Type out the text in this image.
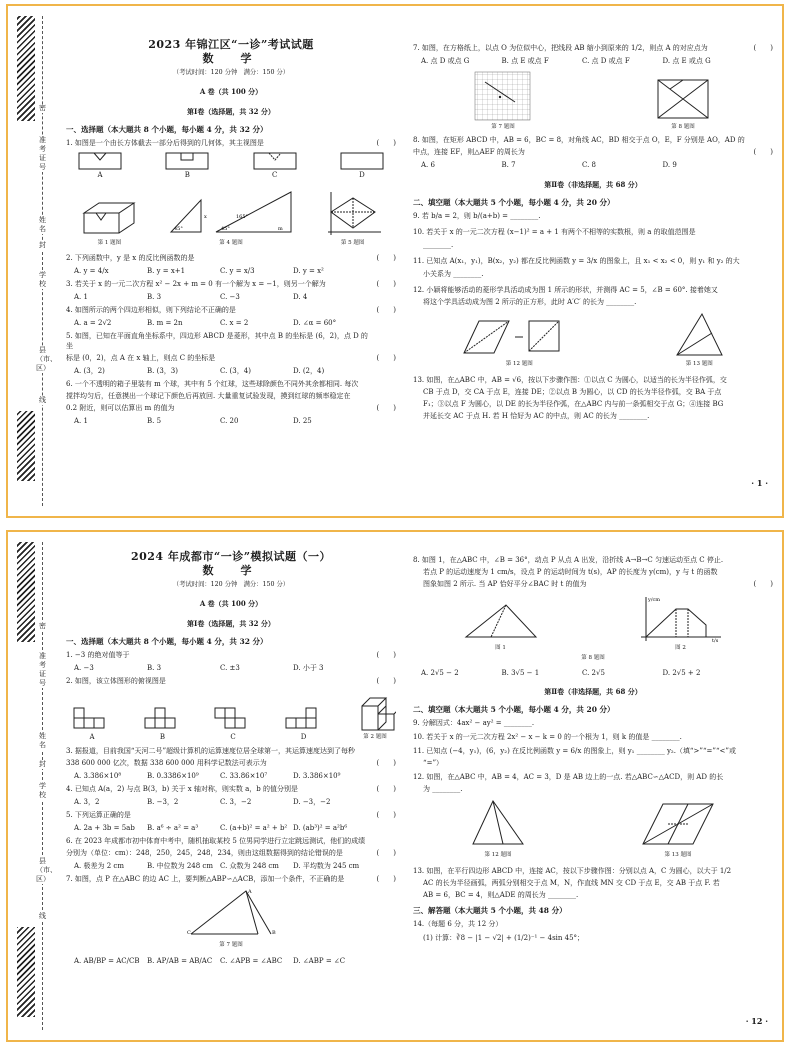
密
准考证号
姓名
封
学校
县（市、区）
线
2023 年锦江区“一诊”考试试题
数　学
（考试时间：120 分钟　满分：150 分）
A 卷（共 100 分）
第Ⅰ卷（选择题，共 32 分）
一、选择题（本大题共 8 个小题，每小题 4 分，共 32 分）
1. 如图是一个由长方体截去一部分后得到的几何体，其主视图是	(　　)
A	B	C	D
第 1 题图
45°
165°
45°
x
m
第 4 题图	第 5 题图
2. 下列函数中，y 是 x 的反比例函数的是	(　　)
A. y = 4/x	B. y = x+1	C. y = x/3	D. y = x²
3. 若关于 x 的一元二次方程 x² − 2x + m = 0 有一个解为 x = −1，则另一个解为	(　　)
A. 1	B. 3	C. −3	D. 4
4. 如图所示的两个四边形相似，则下列结论不正确的是	(　　)
A. a = 2√2	B. m = 2n	C. x = 2	D. ∠α = 60°
5. 如图，已知在平面直角坐标系中，四边形 ABCD 是菱形，其中点 B 的坐标是 (6，2)，点 D 的坐
标是 (0，2)，点 A 在 x 轴上，则点 C 的坐标是	(　　)
A. (3，2)	B. (3，3)	C. (3，4)	D. (2，4)
6. 一个不透明的箱子里装有 m 个球，其中有 5 个红球，这些球除颜色不同外其余都相同. 每次
搅拌均匀后，任意摸出一个球记下颜色后再放回. 大量重复试验发现，摸到红球的频率稳定在
0.2 附近，则可以估算出 m 的值为	(　　)
A. 1	B. 5	C. 20	D. 25
7. 如图，在方格纸上，以点 O 为位似中心，把线段 AB 缩小到原来的 1/2，则点 A 的对应点为	(　　)
A. 点 D 或点 G	B. 点 E 或点 F	C. 点 D 或点 F	D. 点 E 或点 G
第 7 题图	第 8 题图
8. 如图，在矩形 ABCD 中，AB = 6，BC = 8，对角线 AC，BD 相交于点 O，E，F 分别是 AO，AD 的
中点，连接 EF，则△AEF 的周长为	(　　)
A. 6	B. 7	C. 8	D. 9
第Ⅱ卷（非选择题，共 68 分）
二、填空题（本大题共 5 个小题，每小题 4 分，共 20 分）
9. 若 b/a = 2，则 b/(a+b) = ________.
10. 若关于 x 的一元二次方程 (x−1)² = a + 1 有两个不相等的实数根，则 a 的取值范围是
________.
11. 已知点 A(x₁，y₁)，B(x₂，y₂) 都在反比例函数 y = 3/x 的图象上，且 x₁ < x₂ < 0，则 y₁ 和 y₂ 的大
小关系为 ________.
12. 小颖将能够活动的菱形学具活动成为图 1 所示的形状，并测得 AC = 5，∠B = 60°. 接着她又
将这个学具活动成为图 2 所示的正方形，此时 A′C′ 的长为 ________.
第 12 题图	第 13 题图
13. 如图，在△ABC 中，AB = √6，按以下步骤作图：①以点 C 为圆心，以适当的长为半径作弧，交
CB 于点 D，交 CA 于点 E，连接 DE；②以点 B 为圆心，以 CD 的长为半径作弧，交 BA 于点
F₁；③以点 F 为圆心，以 DE 的长为半径作弧，在△ABC 内与前一条弧相交于点 G；④连接 BG
并延长交 AC 于点 H. 若 H 恰好为 AC 的中点，则 AC 的长为 ________.
· 1 ·
密
准考证号
姓名
封
学校
县（市、区）
线
2024 年成都市“一诊”模拟试题（一）
数　学
（考试时间：120 分钟　满分：150 分）
A 卷（共 100 分）
第Ⅰ卷（选择题，共 32 分）
一、选择题（本大题共 8 个小题，每小题 4 分，共 32 分）
1. −3 的绝对值等于	(　　)
A. −3	B. 3	C. ±3	D. 小于 3
2. 如图，该立体图形的俯视图是	(　　)
A	B	C	D	第 2 题图
3. 据报道，目前我国“天河二号”超级计算机的运算速度位居全球第一，其运算速度达到了每秒
338 600 000 亿次，数据 338 600 000 用科学记数法可表示为	(　　)
A. 3.386×10⁸	B. 0.3386×10⁹	C. 33.86×10⁷	D. 3.386×10⁹
4. 已知点 A(a，2) 与点 B(3，b) 关于 x 轴对称，则实数 a，b 的值分别是	(　　)
A. 3，2	B. −3，2	C. 3，−2	D. −3，−2
5. 下列运算正确的是	(　　)
A. 2a + 3b = 5ab	B. a⁶ ÷ a² = a³	C. (a+b)² = a² + b² D. (ab³)² = a²b⁶
6. 在 2023 年成都市初中体育中考中，随机抽取某校 5 位男同学进行立定跳远测试，他们的成绩
分别为（单位：cm）：248，250，245，248，234，则由这组数据得到的结论错误的是	(　　)
A. 极差为 2 cm	B. 中位数为 248 cm	C. 众数为 248 cm	D. 平均数为 245 cm
7. 如图，点 P 在△ABC 的边 AC 上，要判断△ABP∽△ACB，添加一个条件，不正确的是	(　　)
C
A
B
第 7 题图
A. AB/BP = AC/CB	B. AP/AB = AB/AC	C. ∠APB = ∠ABC	D. ∠ABP = ∠C
8. 如图 1，在△ABC 中，∠B = 36°，动点 P 从点 A 出发，沿折线 A→B→C 匀速运动至点 C 停止.
若点 P 的运动速度为 1 cm/s，设点 P 的运动时间为 t(s)，AP 的长度为 y(cm)，y 与 t 的函数
图象如图 2 所示. 当 AP 恰好平分∠BAC 时 t 的值为	(　　)
图 1
y/cm
t/s
图 2
第 8 题图
A. 2√5 − 2	B. 3√5 − 1	C. 2√5	D. 2√5 + 2
第Ⅱ卷（非选择题，共 68 分）
二、填空题（本大题共 5 个小题，每小题 4 分，共 20 分）
9. 分解因式：4ax² − ay² = ________.
10. 若关于 x 的一元二次方程 2x² − x − k = 0 的一个根为 1，则 k 的值是 ________.
11. 已知点 (−4，y₁)，(6，y₂) 在反比例函数 y = 6/x 的图象上，则 y₁ ________ y₂.（填“>”“=”“<”或
“=”）
12. 如图，在△ABC 中，AB = 4，AC = 3，D 是 AB 边上的一点. 若△ABC∽△ACD，则 AD 的长
为 ________.
第 12 题图	第 13 题图
13. 如图，在平行四边形 ABCD 中，连接 AC，按以下步骤作图：分别以点 A，C 为圆心，以大于 1/2
AC 的长为半径画弧，两弧分别相交于点 M，N，作直线 MN 交 CD 于点 E，交 AB 于点 F. 若
AB = 6，BC = 4，则△ADE 的周长为 ________.
三、解答题（本大题共 5 个小题，共 48 分）
14.（每题 6 分，共 12 分）
(1) 计算：∛8 − |1 − √2| + (1/2)⁻¹ − 4sin 45°；
· 12 ·
